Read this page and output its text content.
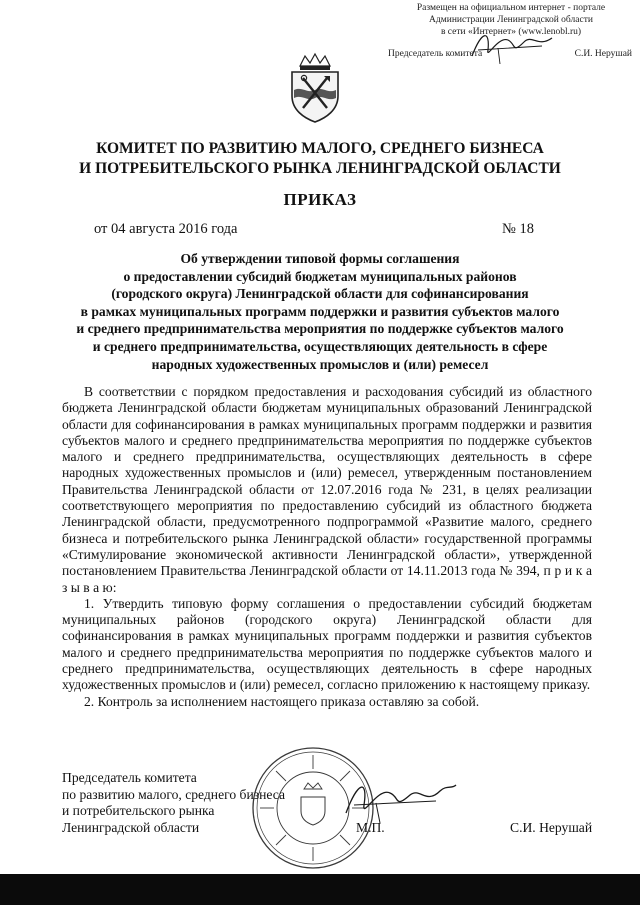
Размещен на официальном интернет - портале
Администрации Ленинградской области
в сети «Интернет» (www.lenobl.ru)
Председатель комитета	С.И. Нерушай
КОМИТЕТ ПО РАЗВИТИЮ МАЛОГО, СРЕДНЕГО БИЗНЕСА
И ПОТРЕБИТЕЛЬСКОГО РЫНКА ЛЕНИНГРАДСКОЙ ОБЛАСТИ
ПРИКАЗ
от 04 августа 2016 года	№ 18
Об утверждении типовой формы соглашения
о предоставлении субсидий бюджетам муниципальных районов
(городского округа) Ленинградской области для софинансирования
в рамках муниципальных программ поддержки и развития субъектов малого
и среднего предпринимательства мероприятия по поддержке субъектов малого
и среднего предпринимательства, осуществляющих деятельность в сфере
народных художественных промыслов и (или) ремесел

В соответствии с порядком предоставления и расходования субсидий из областного бюджета Ленинградской области бюджетам муниципальных образований Ленинградской области для софинансирования в рамках муниципальных программ поддержки и развития субъектов малого и среднего предпринимательства мероприятия по поддержке субъектов малого и среднего предпринимательства, осуществляющих деятельность в сфере народных художественных промыслов и (или) ремесел, утвержденным постановлением Правительства Ленинградской области от 12.07.2016 года № 231, в целях реализации соответствующего мероприятия по предоставлению субсидий из областного бюджета Ленинградской области, предусмотренного подпрограммой «Развитие малого, среднего бизнеса и потребительского рынка Ленинградской области» государственной программы «Стимулирование экономической активности Ленинградской области», утвержденной постановлением Правительства Ленинградской области от 14.11.2013 года № 394, п р и к а з ы в а ю:

1. Утвердить типовую форму соглашения о предоставлении субсидий бюджетам муниципальных районов (городского округа) Ленинградской области для софинансирования в рамках муниципальных программ поддержки и развития субъектов малого и среднего предпринимательства мероприятия по поддержке субъектов малого и среднего предпринимательства, осуществляющих деятельность в сфере народных художественных промыслов и (или) ремесел, согласно приложению к настоящему приказу.

2. Контроль за исполнением настоящего приказа оставляю за собой.

Председатель комитета
по развитию малого, среднего бизнеса
и потребительского рынка
Ленинградской области	М.П.	С.И. Нерушай
